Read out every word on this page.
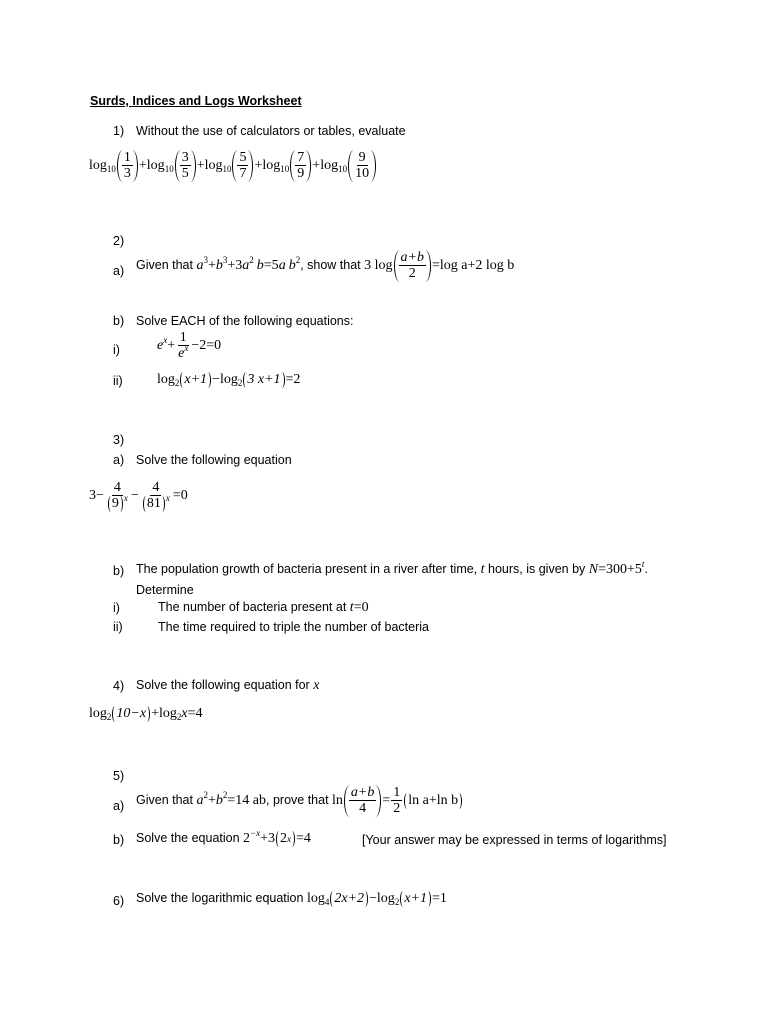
Surds, Indices and Logs Worksheet
1) Without the use of calculators or tables, evaluate
$\log_{10} \frac{1}{3} +\log_{10} \frac{3}{5} +\log_{10} \frac{5}{7} +\log_{10} \frac{7}{9} +\log_{10} \frac{9}{10}$
2)
a) Given that $a^3+b^3+3a^2$ b=5a $b^2$, show that 3 $\log \frac{a+b}{2} =\log$ a+2 log b
b) Solve EACH of the following equations:
i)	$e^x+ \frac{1}{e^x} -2=0$
ii) $\log_2 x+1 -\log_2$ 3 x+1 =2
3)
a) Solve the following equation
$3- \frac{4}{9 ^x} - \frac{4}{81 ^x} =0$
b) The population growth of bacteria present in a river after time, t hours, is given by $N=300+5^t$.
Determine
i)	The number of bacteria present at t=0
ii)	The time required to triple the number of bacteria
4) Solve the following equation for x
$\log_2 10-x +\log_2x=4$
5)
a) Given that $a^2+b^2=14$ ab, prove that $\ln \frac{a+b}{4} = \frac{1}{2}$ ln a+ln b
b) Solve the equation $2^{-x}+3$ 2 x =4	[Your answer may be expressed in terms of logarithms]
6) Solve the logarithmic equation $\log_4 2x+2 -\log_2$ x+1 =1
